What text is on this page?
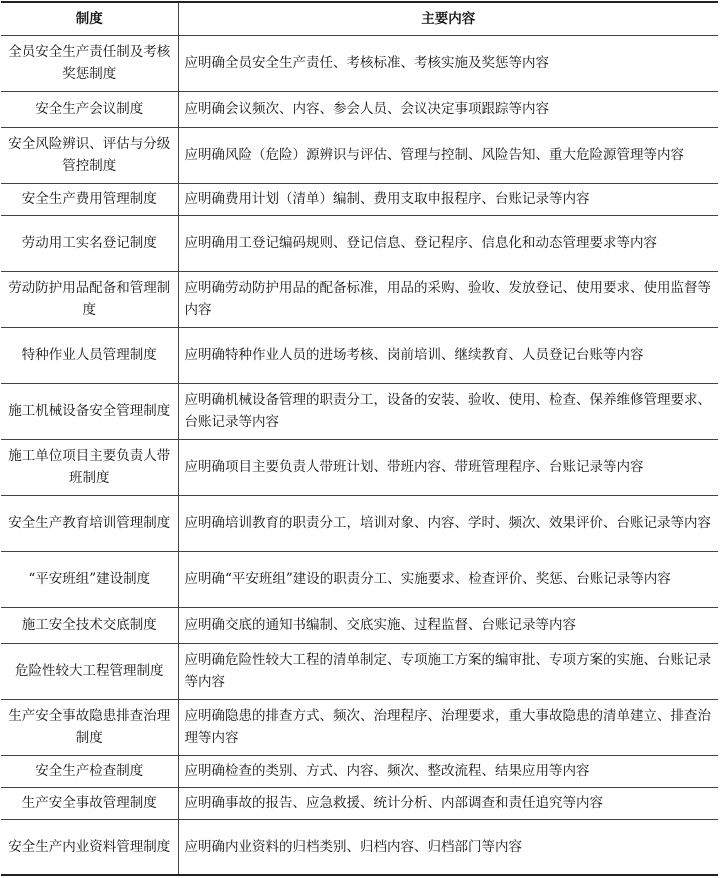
制度	主要内容
全员安全生产责任制及考核奖惩制度	应明确全员安全生产责任、考核标准、考核实施及奖惩等内容
安全生产会议制度	应明确会议频次、内容、参会人员、会议决定事项跟踪等内容
安全风险辨识、评估与分级管控制度	应明确风险（危险）源辨识与评估、管理与控制、风险告知、重大危险源管理等内容
安全生产费用管理制度	应明确费用计划（清单）编制、费用支取申报程序、台账记录等内容
劳动用工实名登记制度	应明确用工登记编码规则、登记信息、登记程序、信息化和动态管理要求等内容
劳动防护用品配备和管理制度	应明确劳动防护用品的配备标准，用品的采购、验收、发放登记、使用要求、使用监督等内容
特种作业人员管理制度	应明确特种作业人员的进场考核、岗前培训、继续教育、人员登记台账等内容
施工机械设备安全管理制度	应明确机械设备管理的职责分工，设备的安装、验收、使用、检查、保养维修管理要求、台账记录等内容
施工单位项目主要负责人带班制度	应明确项目主要负责人带班计划、带班内容、带班管理程序、台账记录等内容
安全生产教育培训管理制度	应明确培训教育的职责分工，培训对象、内容、学时、频次、效果评价、台账记录等内容
“平安班组”建设制度	应明确“平安班组”建设的职责分工、实施要求、检查评价、奖惩、台账记录等内容
施工安全技术交底制度	应明确交底的通知书编制、交底实施、过程监督、台账记录等内容
危险性较大工程管理制度	应明确危险性较大工程的清单制定、专项施工方案的编审批、专项方案的实施、台账记录等内容
生产安全事故隐患排查治理制度	应明确隐患的排查方式、频次、治理程序、治理要求，重大事故隐患的清单建立、排查治理等内容
安全生产检查制度	应明确检查的类别、方式、内容、频次、整改流程、结果应用等内容
生产安全事故管理制度	应明确事故的报告、应急救援、统计分析、内部调查和责任追究等内容
安全生产内业资料管理制度	应明确内业资料的归档类别、归档内容、归档部门等内容
